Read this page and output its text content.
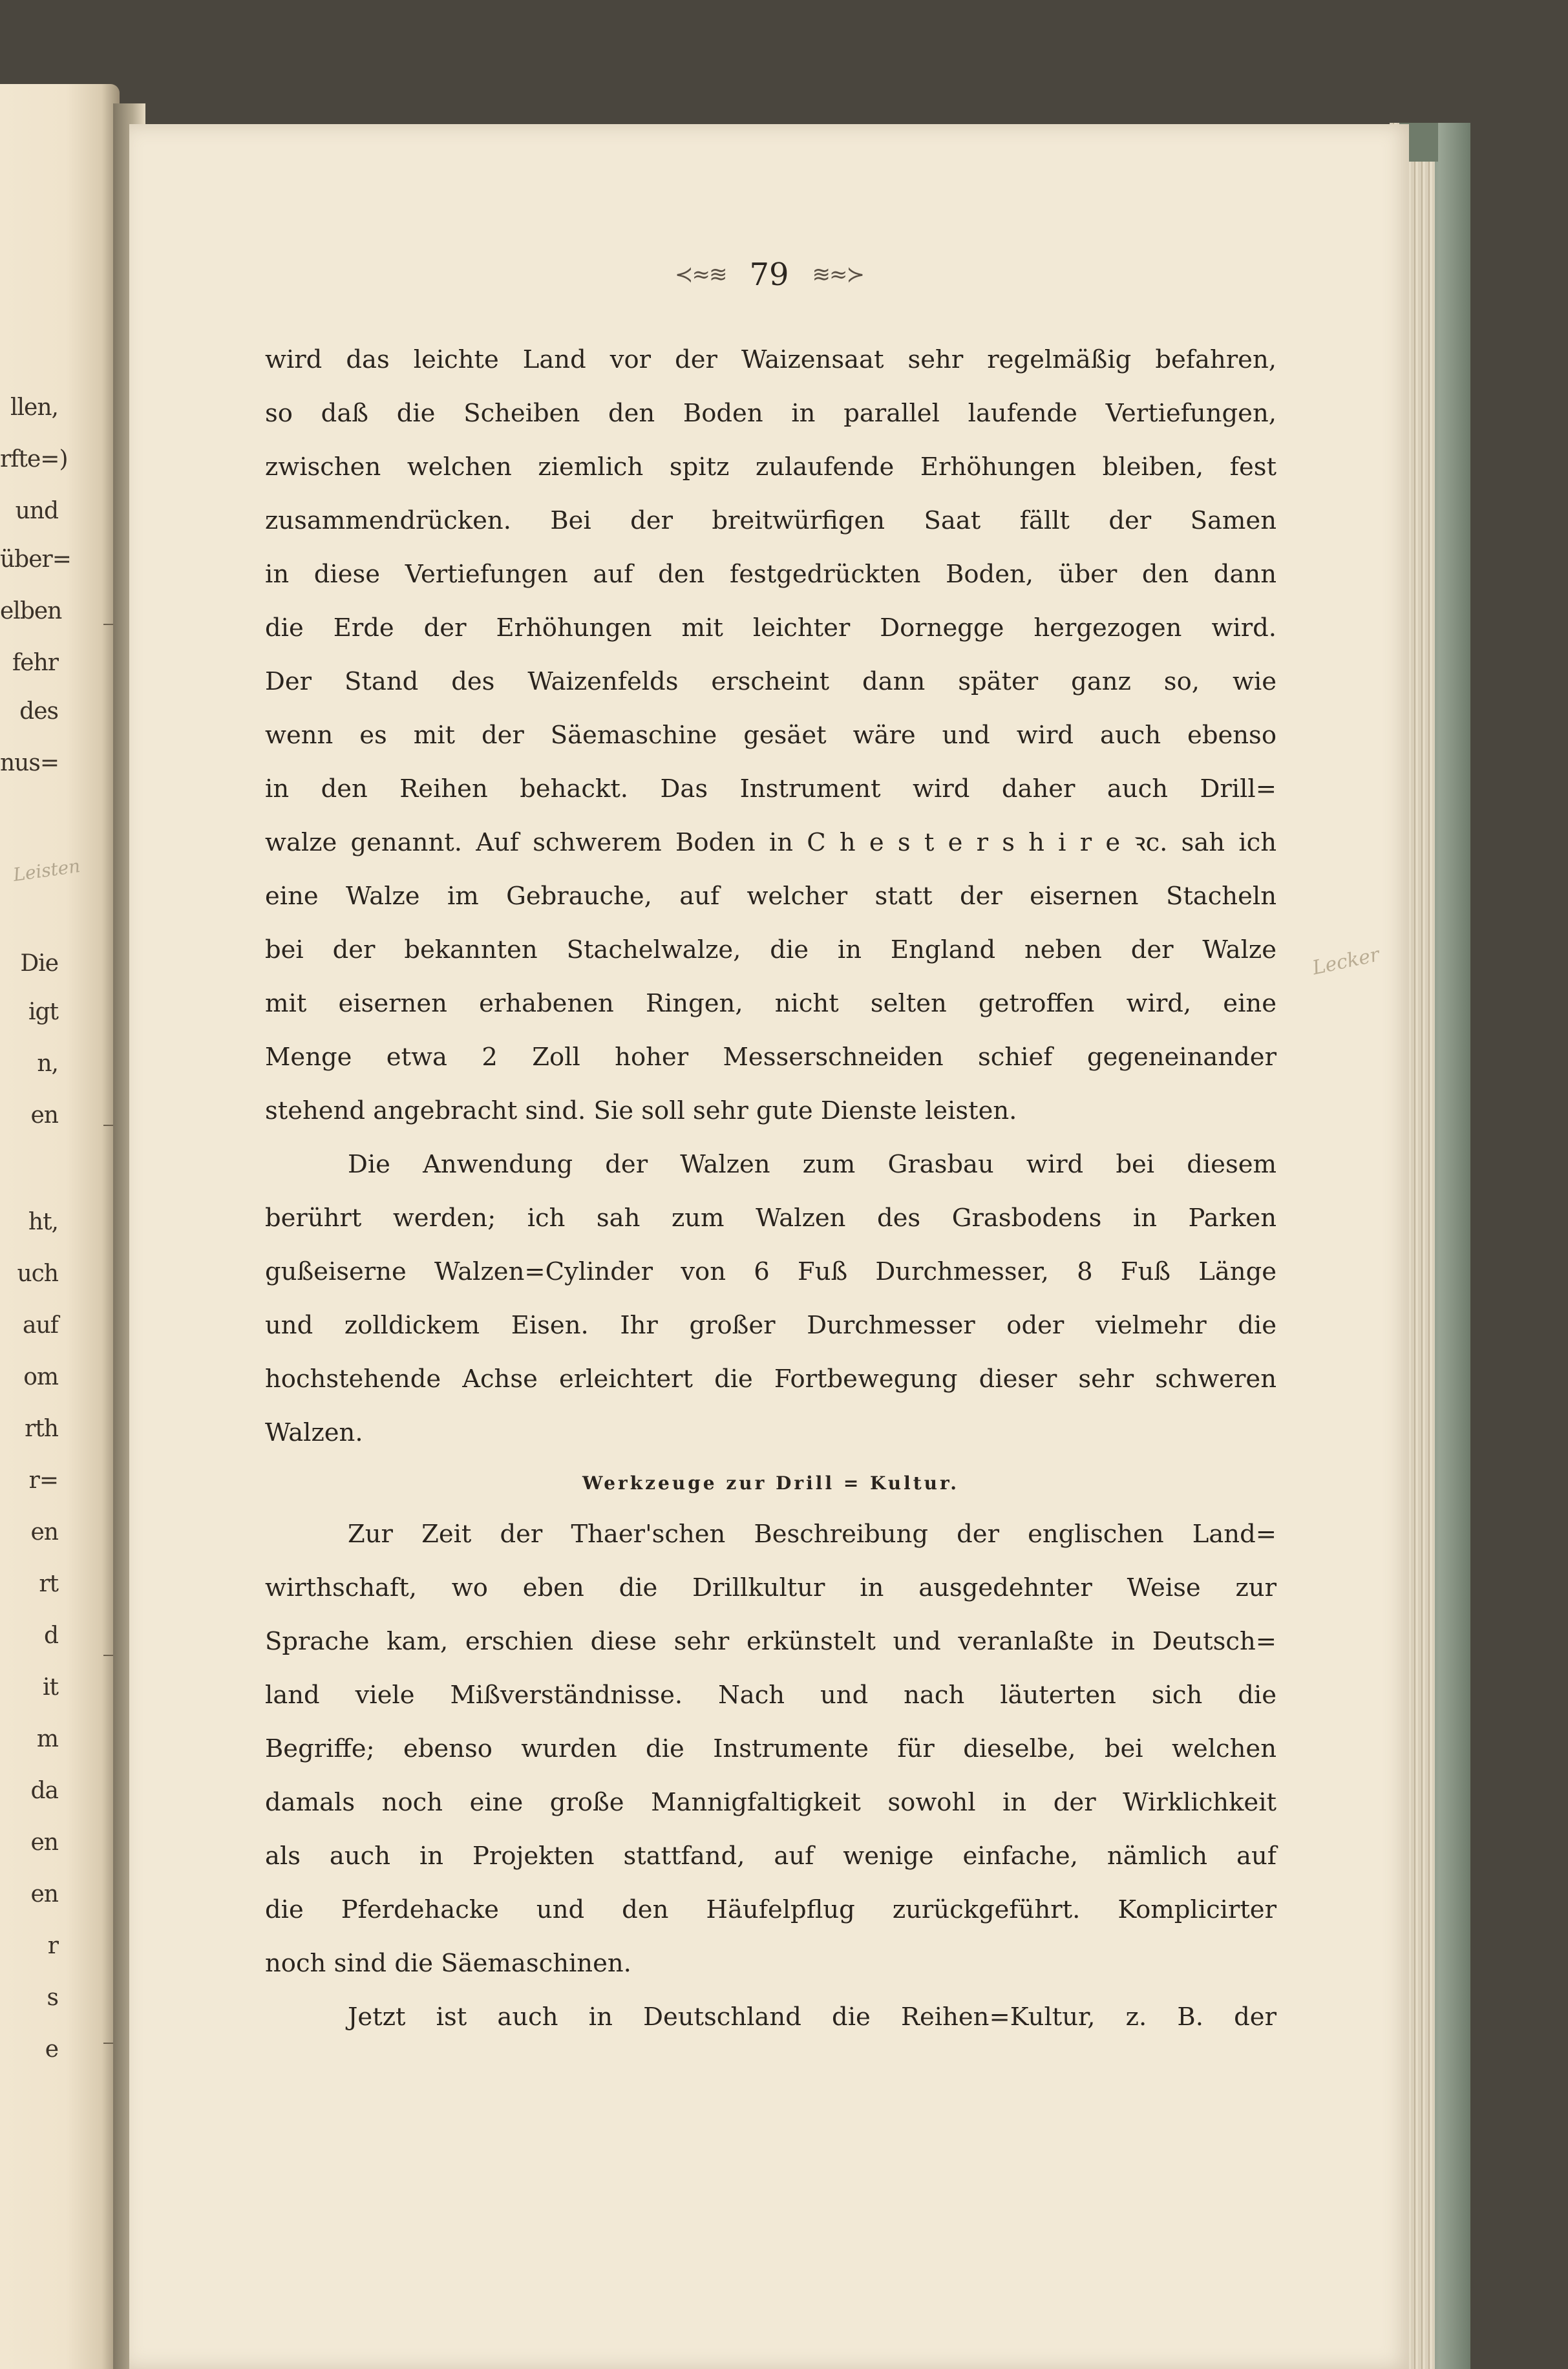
llen,
rfte=)
und
über=
elben
fehr
des
nus=
Die
igt
n,
en
ht,
uch
auf
om
rth
r=
en
rt
d
it
m
da
en
en
r
s
e
Leisten
≺≈≋ 79 ≋≈≻
wird das leichte Land vor der Waizensaat sehr regelmäßig befahren,
so daß die Scheiben den Boden in parallel laufende Vertiefungen,
zwischen welchen ziemlich spitz zulaufende Erhöhungen bleiben, fest
zusammendrücken. Bei der breitwürfigen Saat fällt der Samen
in diese Vertiefungen auf den festgedrückten Boden, über den dann
die Erde der Erhöhungen mit leichter Dornegge hergezogen wird.
Der Stand des Waizenfelds erscheint dann später ganz so, wie
wenn es mit der Säemaschine gesäet wäre und wird auch ebenso
in den Reihen behackt. Das Instrument wird daher auch Drill=
walze genannt. Auf schwerem Boden in C h e s t e r s h i r e ꝛc. sah ich
eine Walze im Gebrauche, auf welcher statt der eisernen Stacheln
bei der bekannten Stachelwalze, die in England neben der Walze
mit eisernen erhabenen Ringen, nicht selten getroffen wird, eine
Menge etwa 2 Zoll hoher Messerschneiden schief gegeneinander
stehend angebracht sind. Sie soll sehr gute Dienste leisten.
Die Anwendung der Walzen zum Grasbau wird bei diesem
berührt werden; ich sah zum Walzen des Grasbodens in Parken
gußeiserne Walzen=Cylinder von 6 Fuß Durchmesser, 8 Fuß Länge
und zolldickem Eisen. Ihr großer Durchmesser oder vielmehr die
hochstehende Achse erleichtert die Fortbewegung dieser sehr schweren
Walzen.
Werkzeuge zur Drill = Kultur.
Zur Zeit der Thaer'schen Beschreibung der englischen Land=
wirthschaft, wo eben die Drillkultur in ausgedehnter Weise zur
Sprache kam, erschien diese sehr erkünstelt und veranlaßte in Deutsch=
land viele Mißverständnisse. Nach und nach läuterten sich die
Begriffe; ebenso wurden die Instrumente für dieselbe, bei welchen
damals noch eine große Mannigfaltigkeit sowohl in der Wirklichkeit
als auch in Projekten stattfand, auf wenige einfache, nämlich auf
die Pferdehacke und den Häufelpflug zurückgeführt. Komplicirter
noch sind die Säemaschinen.
Jetzt ist auch in Deutschland die Reihen=Kultur, z. B. der
Lecker
